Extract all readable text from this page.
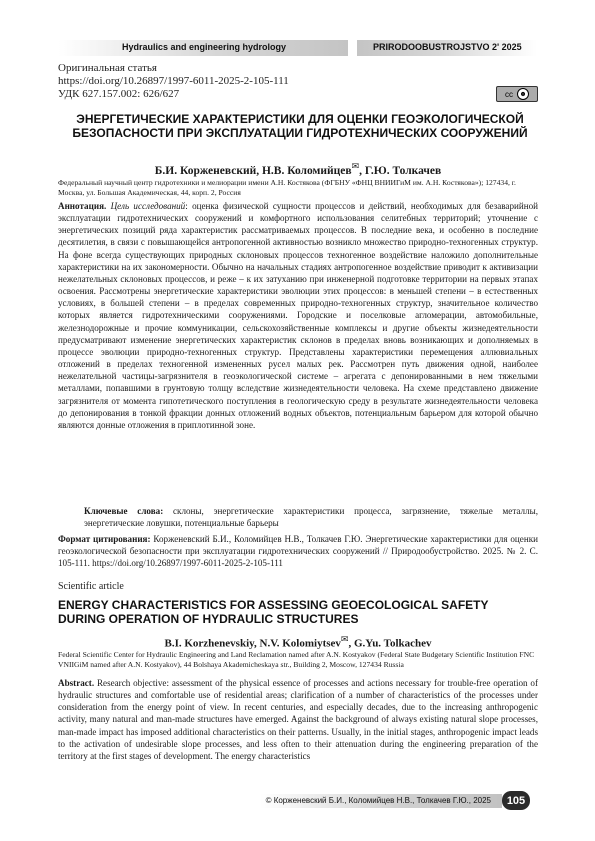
Hydraulics and engineering hydrology	PRIRODOOBUSTROJSTVO 2' 2025
Оригинальная статья
https://doi.org/10.26897/1997-6011-2025-2-105-111
УДК 627.157.002: 626/627	cc ☻
ЭНЕРГЕТИЧЕСКИЕ ХАРАКТЕРИСТИКИ ДЛЯ ОЦЕНКИ ГЕОЭКОЛОГИЧЕСКОЙ БЕЗОПАСНОСТИ ПРИ ЭКСПЛУАТАЦИИ ГИДРОТЕХНИЧЕСКИХ СООРУЖЕНИЙ
Б.И. Корженевский, Н.В. Коломийцев✉, Г.Ю. Толкачев
Федеральный научный центр гидротехники и мелиорации имени А.Н. Костякова (ФГБНУ «ФНЦ ВНИИГиМ им. А.Н. Костякова»); 127434, г. Москва, ул. Большая Академическая, 44, корп. 2, Россия

Аннотация. Цель исследований: оценка физической сущности процессов и действий, необходимых для безаварийной эксплуатации гидротехнических сооружений и комфортного использования селитебных территорий; уточнение с энергетических позиций ряда характеристик рассматриваемых процессов. В последние века, и особенно в последние десятилетия, в связи с повышающейся антропогенной активностью возникло множество природно-техногенных структур. На фоне всегда существующих природных склоновых процессов техногенное воздействие наложило дополнительные характеристики на их закономерности. Обычно на начальных стадиях антропогенное воздействие приводит к активизации нежелательных склоновых процессов, и реже – к их затуханию при инженерной подготовке территории на первых этапах освоения. Рассмотрены энергетические характеристики эволюции этих процессов: в меньшей степени – в естественных условиях, в большей степени – в пределах современных природно-техногенных структур, значительное количество которых является гидротехническими сооружениями. Городские и поселковые агломерации, автомобильные, железнодорожные и прочие коммуникации, сельскохозяйственные комплексы и другие объекты жизнедеятельности предусматривают изменение энергетических характеристик склонов в пределах вновь возникающих и дополняемых в процессе эволюции природно-техногенных структур. Представлены характеристики перемещения аллювиальных отложений в пределах техногенной измененных русел малых рек. Рассмотрен путь движения одной, наиболее нежелательной частицы-загрязнителя в геоэкологической системе – агрегата с депонированными в нем тяжелыми металлами, попавшими в грунтовую толщу вследствие жизнедеятельности человека. На схеме представлено движение загрязнителя от момента гипотетического поступления в геологическую среду в результате жизнедеятельности человека до депонирования в тонкой фракции донных отложений водных объектов, потенциальным барьером для которой обычно являются донные отложения в приплотинной зоне.

Ключевые слова: склоны, энергетические характеристики процесса, загрязнение, тяжелые металлы, энергетические ловушки, потенциальные барьеры

Формат цитирования: Корженевский Б.И., Коломийцев Н.В., Толкачев Г.Ю. Энергетические характеристики для оценки геоэкологической безопасности при эксплуатации гидротехнических сооружений // Природообустройство. 2025. № 2. С. 105-111. https://doi.org/10.26897/1997-6011-2025-2-105-111

Scientific article
ENERGY CHARACTERISTICS FOR ASSESSING GEOECOLOGICAL SAFETY DURING OPERATION OF HYDRAULIC STRUCTURES
B.I. Korzhenevskiy, N.V. Kolomiytsev✉, G.Yu. Tolkachev
Federal Scientific Center for Hydraulic Engineering and Land Reclamation named after A.N. Kostyakov (Federal State Budgetary Scientific Institution FNC VNIIGiM named after A.N. Kostyakov), 44 Bolshaya Akademicheskaya str., Building 2, Moscow, 127434 Russia

Abstract. Research objective: assessment of the physical essence of processes and actions necessary for trouble-free operation of hydraulic structures and comfortable use of residential areas; clarification of a number of characteristics of the processes under consideration from the energy point of view. In recent centuries, and especially decades, due to the increasing anthropogenic activity, many natural and man-made structures have emerged. Against the background of always existing natural slope processes, man-made impact has imposed additional characteristics on their patterns. Usually, in the initial stages, anthropogenic impact leads to the activation of undesirable slope processes, and less often to their attenuation during the engineering preparation of the territory at the first stages of development. The energy characteristics

© Корженевский Б.И., Коломийцев Н.В., Толкачев Г.Ю., 2025	105
